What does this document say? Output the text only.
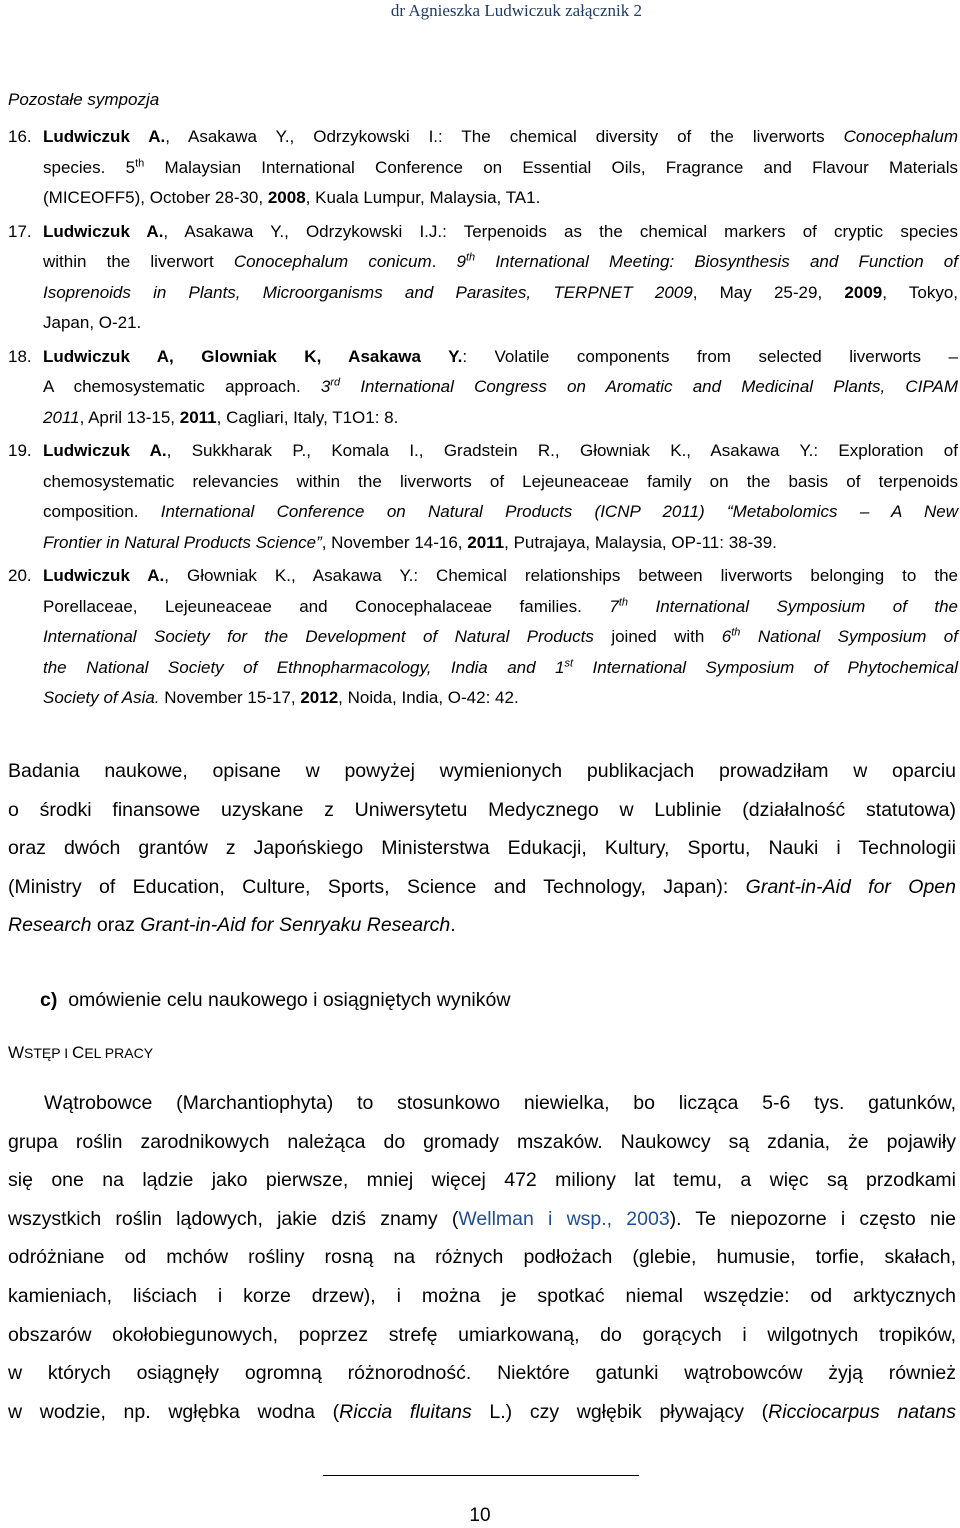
dr Agnieszka Ludwiczuk załącznik 2
Pozostałe sympozja
16. Ludwiczuk A., Asakawa Y., Odrzykowski I.: The chemical diversity of the liverworts Conocephalum
species. 5th Malaysian International Conference on Essential Oils, Fragrance and Flavour Materials
(MICEOFF5), October 28-30, 2008, Kuala Lumpur, Malaysia, TA1.
17. Ludwiczuk A., Asakawa Y., Odrzykowski I.J.: Terpenoids as the chemical markers of cryptic species
within the liverwort Conocephalum conicum. 9th International Meeting: Biosynthesis and Function of
Isoprenoids in Plants, Microorganisms and Parasites, TERPNET 2009, May 25-29, 2009, Tokyo,
Japan, O-21.
18. Ludwiczuk A, Glowniak K, Asakawa Y.: Volatile components from selected liverworts –
A chemosystematic approach. 3rd International Congress on Aromatic and Medicinal Plants, CIPAM
2011, April 13-15, 2011, Cagliari, Italy, T1O1: 8.
19. Ludwiczuk A., Sukkharak P., Komala I., Gradstein R., Głowniak K., Asakawa Y.: Exploration of
chemosystematic relevancies within the liverworts of Lejeuneaceae family on the basis of terpenoids
composition. International Conference on Natural Products (ICNP 2011) “Metabolomics – A New
Frontier in Natural Products Science”, November 14-16, 2011, Putrajaya, Malaysia, OP-11: 38-39.
20. Ludwiczuk A., Głowniak K., Asakawa Y.: Chemical relationships between liverworts belonging to the
Porellaceae, Lejeuneaceae and Conocephalaceae families. 7th International Symposium of the
International Society for the Development of Natural Products joined with 6th National Symposium of
the National Society of Ethnopharmacology, India and 1st International Symposium of Phytochemical
Society of Asia. November 15-17, 2012, Noida, India, O-42: 42.
Badania naukowe, opisane w powyżej wymienionych publikacjach prowadziłam w oparciu
o środki finansowe uzyskane z Uniwersytetu Medycznego w Lublinie (działalność statutowa)
oraz dwóch grantów z Japońskiego Ministerstwa Edukacji, Kultury, Sportu, Nauki i Technologii
(Ministry of Education, Culture, Sports, Science and Technology, Japan): Grant-in-Aid for Open
Research oraz Grant-in-Aid for Senryaku Research.
c) omówienie celu naukowego i osiągniętych wyników
WSTĘP I CEL PRACY
Wątrobowce (Marchantiophyta) to stosunkowo niewielka, bo licząca 5-6 tys. gatunków,
grupa roślin zarodnikowych należąca do gromady mszaków. Naukowcy są zdania, że pojawiły
się one na lądzie jako pierwsze, mniej więcej 472 miliony lat temu, a więc są przodkami
wszystkich roślin lądowych, jakie dziś znamy (Wellman i wsp., 2003). Te niepozorne i często nie
odróżniane od mchów rośliny rosną na różnych podłożach (glebie, humusie, torfie, skałach,
kamieniach, liściach i korze drzew), i można je spotkać niemal wszędzie: od arktycznych
obszarów okołobiegunowych, poprzez strefę umiarkowaną, do gorących i wilgotnych tropików,
w których osiągnęły ogromną różnorodność. Niektóre gatunki wątrobowców żyją również
w wodzie, np. wgłębka wodna (Riccia fluitans L.) czy wgłębik pływający (Ricciocarpus natans
10
